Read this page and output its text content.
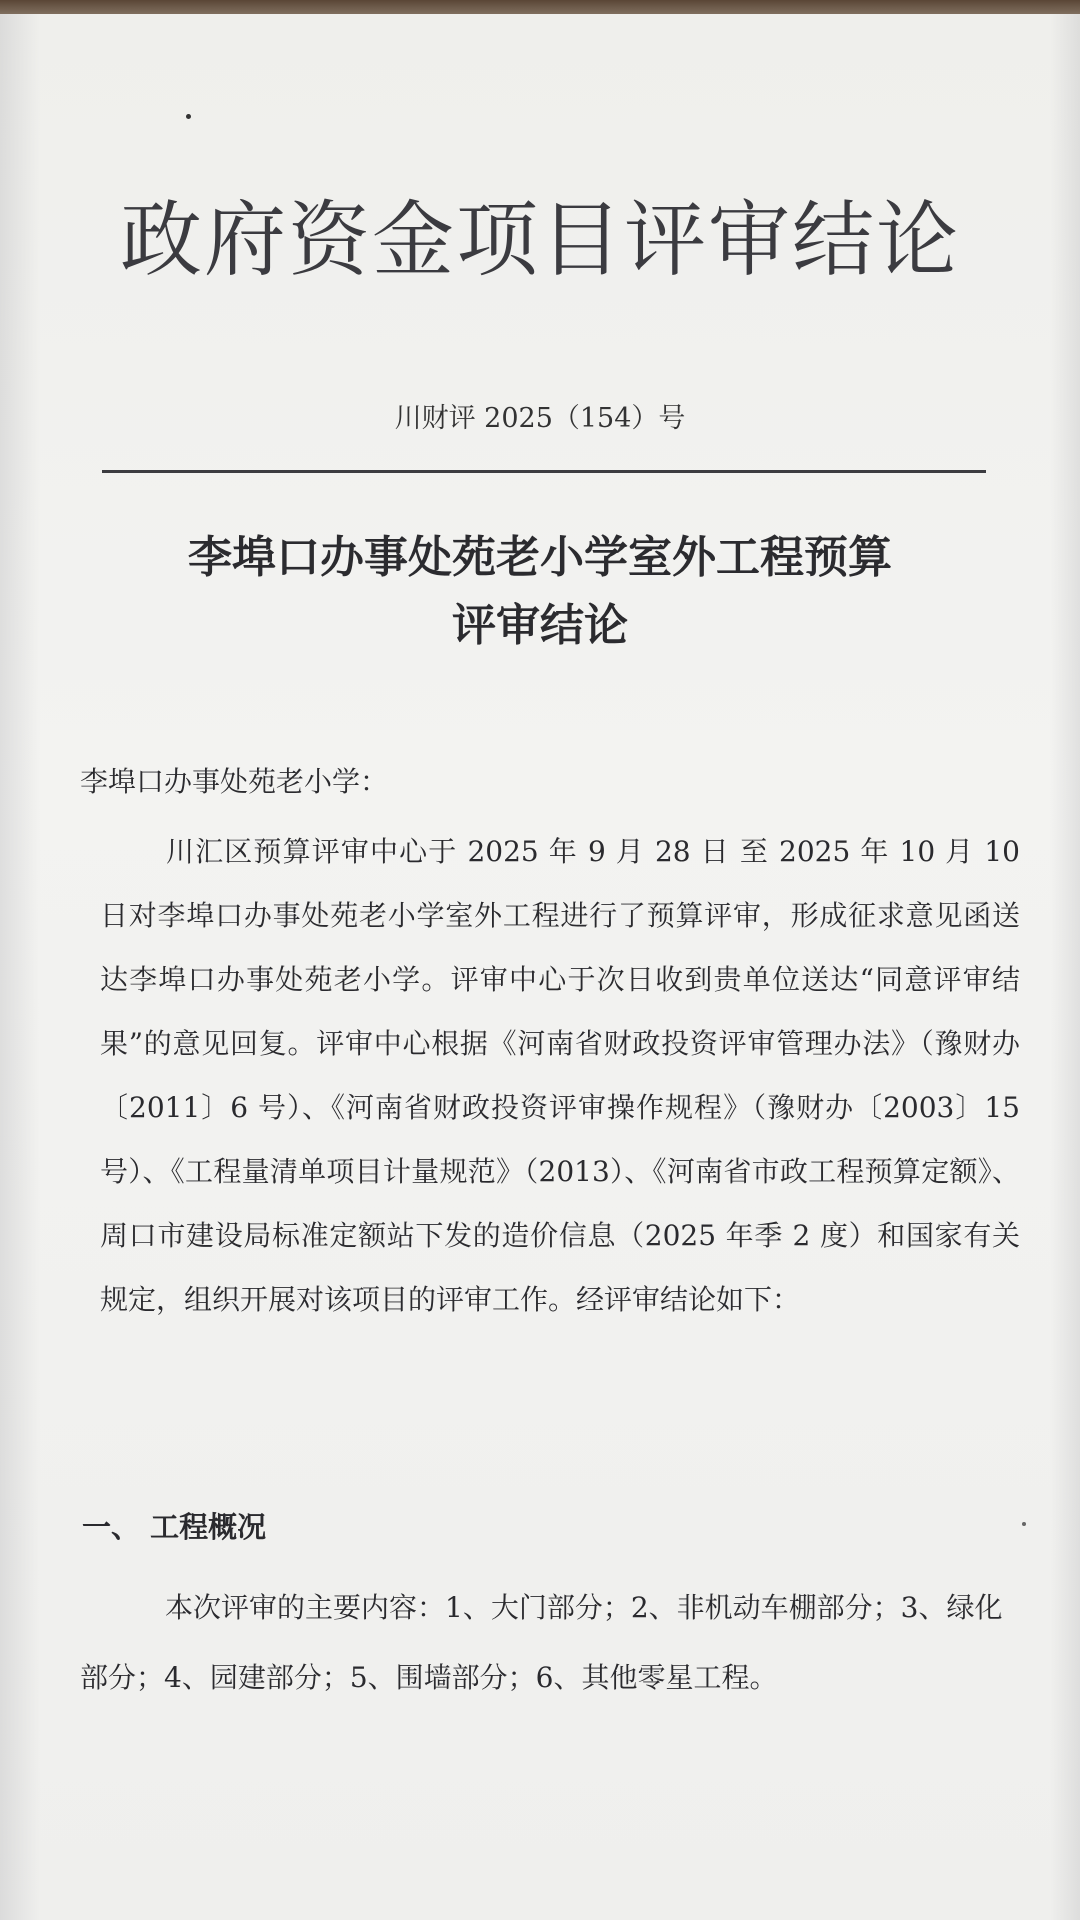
政府资金项目评审结论
川财评 2025（154）号
李埠口办事处苑老小学室外工程预算
评审结论
李埠口办事处苑老小学：
川汇区预算评审中心于 2025 年 9 月 28 日 至 2025 年 10 月 10 日对李埠口办事处苑老小学室外工程进行了预算评审，形成征求意见函送达李埠口办事处苑老小学。评审中心于次日收到贵单位送达“同意评审结果”的意见回复。评审中心根据《河南省财政投资评审管理办法》（豫财办〔2011〕6 号）、《河南省财政投资评审操作规程》（豫财办〔2003〕15 号）、《工程量清单项目计量规范》（2013）、《河南省市政工程预算定额》、周口市建设局标准定额站下发的造价信息（2025 年季 2 度）和国家有关规定，组织开展对该项目的评审工作。经评审结论如下：
一、 工程概况
本次评审的主要内容：1、大门部分；2、非机动车棚部分；3、绿化部分；4、园建部分；5、围墙部分；6、其他零星工程。
